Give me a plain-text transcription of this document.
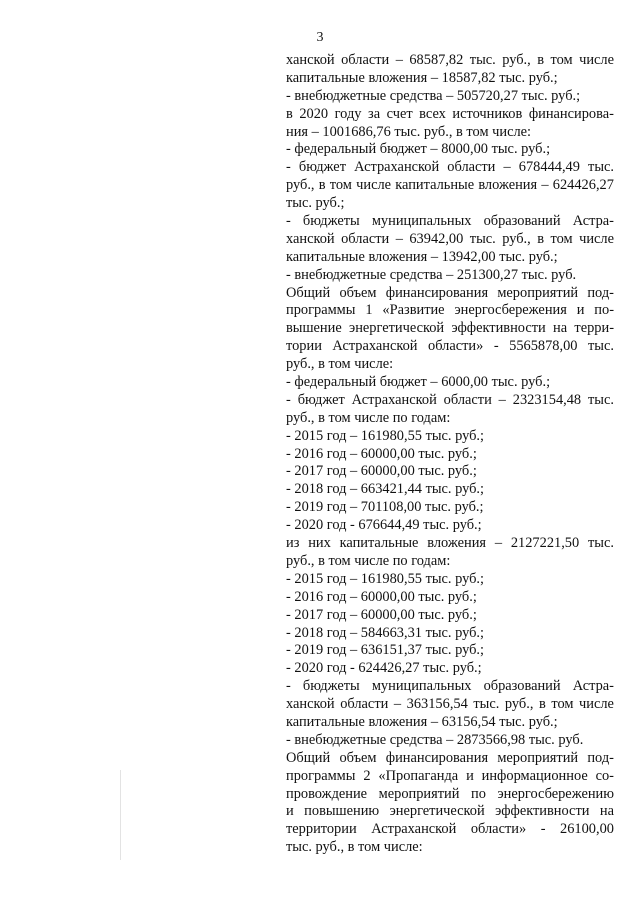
3
ханской области – 68587,82 тыс. руб., в том числе
капитальные вложения – 18587,82 тыс. руб.;
- внебюджетные средства – 505720,27 тыс. руб.;
в 2020 году за счет всех источников финансирова-
ния – 1001686,76 тыс. руб., в том числе:
- федеральный бюджет – 8000,00 тыс. руб.;
- бюджет Астраханской области – 678444,49 тыс.
руб., в том числе капитальные вложения – 624426,27
тыс. руб.;
- бюджеты муниципальных образований Астра-
ханской области – 63942,00 тыс. руб., в том числе
капитальные вложения – 13942,00 тыс. руб.;
- внебюджетные средства – 251300,27 тыс. руб.
Общий объем финансирования мероприятий под-
программы 1 «Развитие энергосбережения и по-
вышение энергетической эффективности на терри-
тории Астраханской области» - 5565878,00 тыс.
руб., в том числе:
- федеральный бюджет – 6000,00 тыс. руб.;
- бюджет Астраханской области – 2323154,48 тыс.
руб., в том числе по годам:
- 2015 год – 161980,55 тыс. руб.;
- 2016 год – 60000,00 тыс. руб.;
- 2017 год – 60000,00 тыс. руб.;
- 2018 год – 663421,44 тыс. руб.;
- 2019 год – 701108,00 тыс. руб.;
- 2020 год - 676644,49 тыс. руб.;
из них капитальные вложения – 2127221,50 тыс.
руб., в том числе по годам:
- 2015 год – 161980,55 тыс. руб.;
- 2016 год – 60000,00 тыс. руб.;
- 2017 год – 60000,00 тыс. руб.;
- 2018 год – 584663,31 тыс. руб.;
- 2019 год – 636151,37 тыс. руб.;
- 2020 год - 624426,27 тыс. руб.;
- бюджеты муниципальных образований Астра-
ханской области – 363156,54 тыс. руб., в том числе
капитальные вложения – 63156,54 тыс. руб.;
- внебюджетные средства – 2873566,98 тыс. руб.
Общий объем финансирования мероприятий под-
программы 2 «Пропаганда и информационное со-
провождение мероприятий по энергосбережению
и повышению энергетической эффективности на
территории Астраханской области» - 26100,00
тыс. руб., в том числе:
